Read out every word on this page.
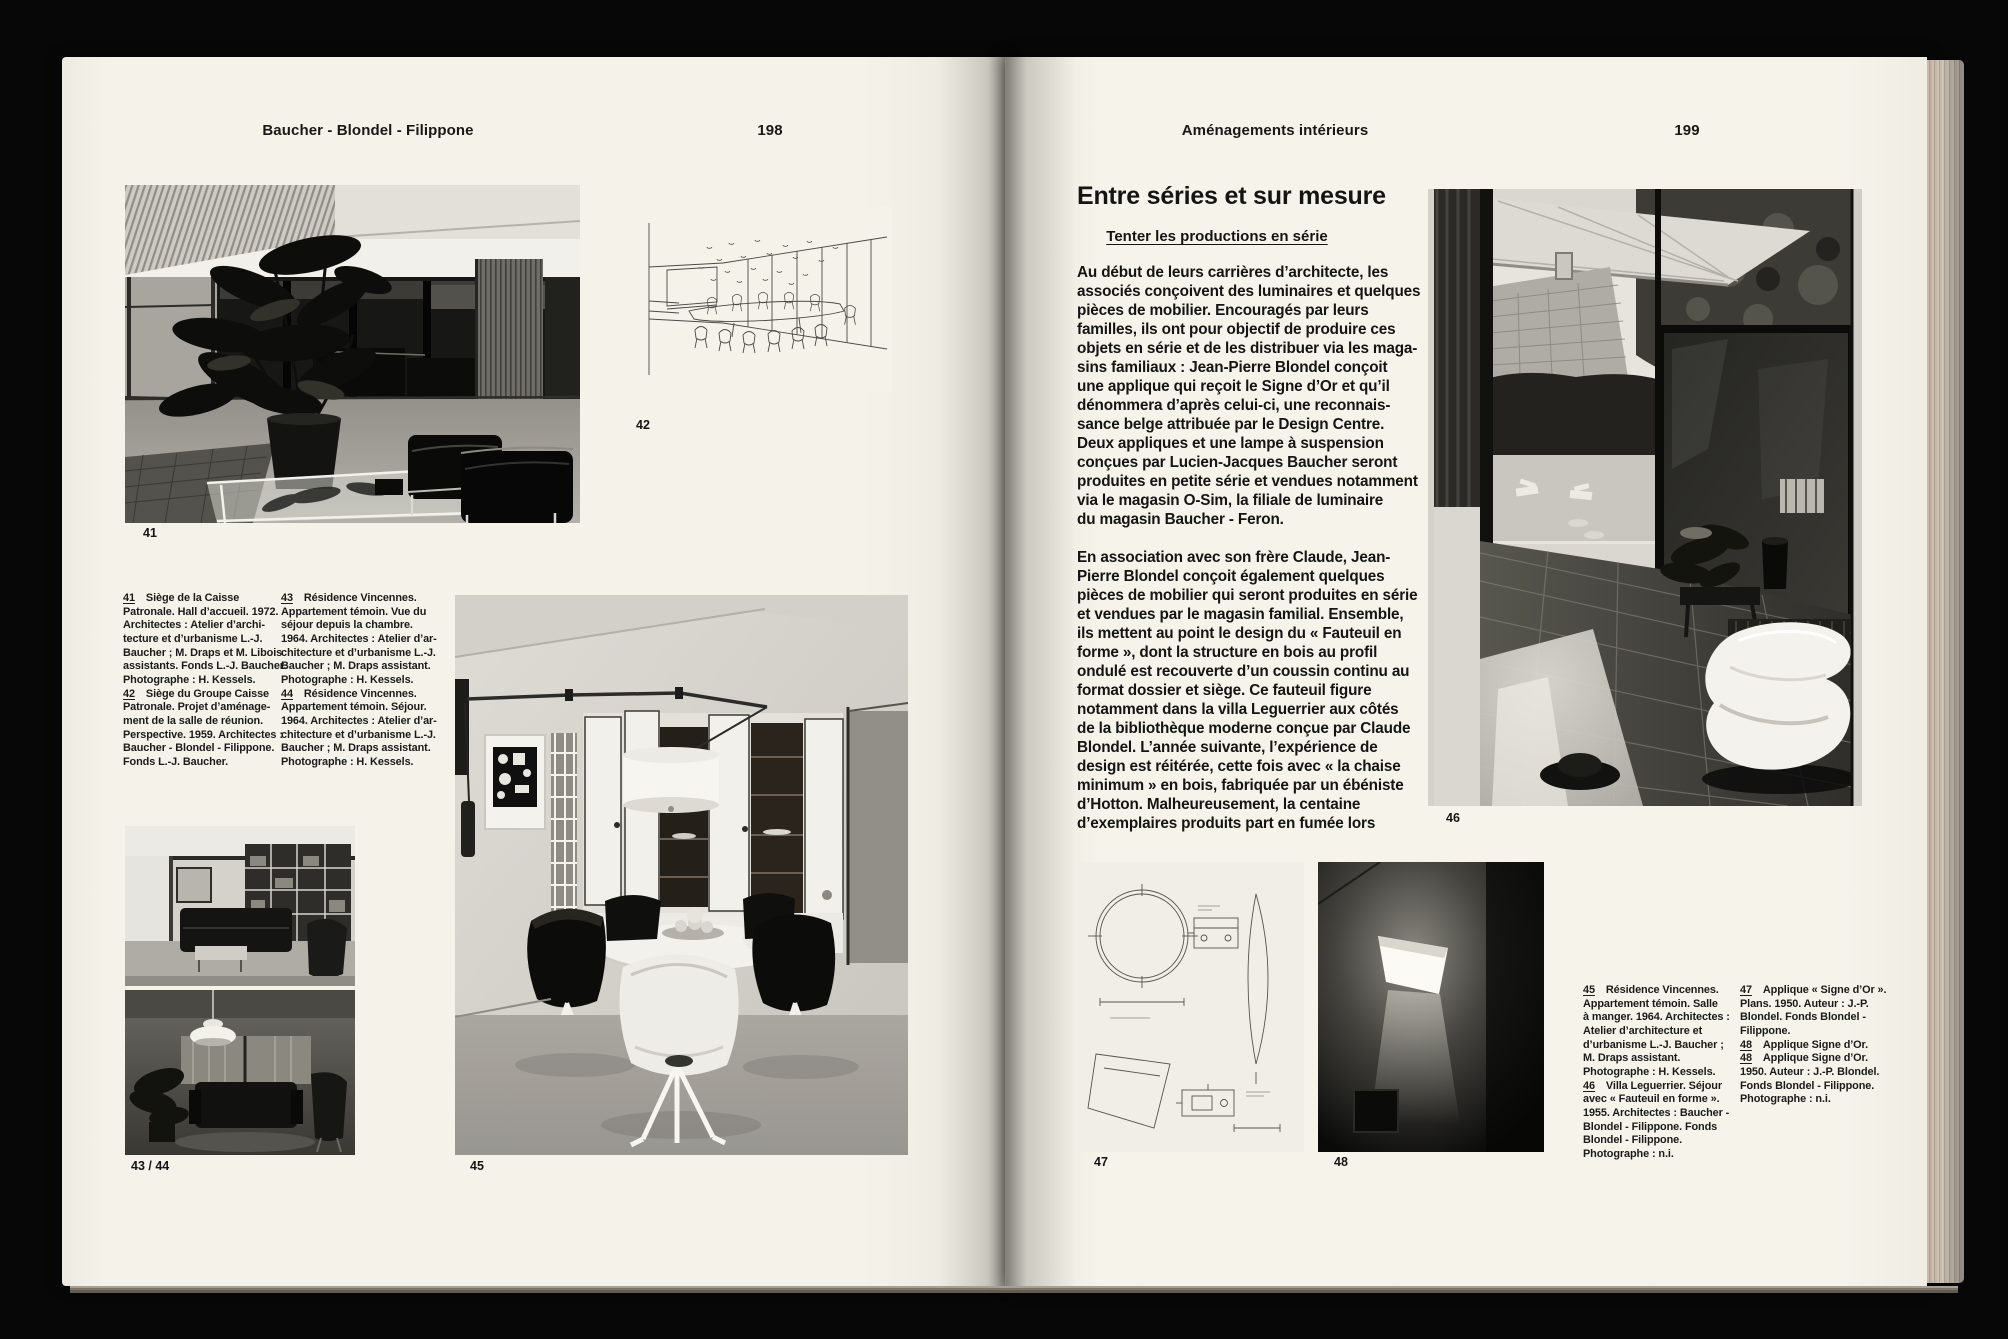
Baucher - Blondel - Filippone	198	Aménagements intérieurs	199
41
42
41 Siège de la Caisse
Patronale. Hall d’accueil. 1972.
Architectes : Atelier d’archi-
tecture et d’urbanisme L.-J.
Baucher ; M. Draps et M. Libois
assistants. Fonds L.-J. Baucher.
Photographe : H. Kessels.
42 Siège du Groupe Caisse
Patronale. Projet d’aménage-
ment de la salle de réunion.
Perspective. 1959. Architectes :
Baucher - Blondel - Filippone.
Fonds L.-J. Baucher.
43 Résidence Vincennes.
Appartement témoin. Vue du
séjour depuis la chambre.
1964. Architectes : Atelier d’ar-
chitecture et d’urbanisme L.-J.
Baucher ; M. Draps assistant.
Photographe : H. Kessels.
44 Résidence Vincennes.
Appartement témoin. Séjour.
1964. Architectes : Atelier d’ar-
chitecture et d’urbanisme L.-J.
Baucher ; M. Draps assistant.
Photographe : H. Kessels.
43 / 44	45
Entre séries et sur mesure
Tenter les productions en série
Au début de leurs carrières d’architecte, les
associés conçoivent des luminaires et quelques
pièces de mobilier. Encouragés par leurs
familles, ils ont pour objectif de produire ces
objets en série et de les distribuer via les maga-
sins familiaux : Jean-Pierre Blondel conçoit
une applique qui reçoit le Signe d’Or et qu’il
dénommera d’après celui-ci, une reconnais-
sance belge attribuée par le Design Centre.
Deux appliques et une lampe à suspension
conçues par Lucien-Jacques Baucher seront
produites en petite série et vendues notamment
via le magasin O-Sim, la filiale de luminaire
du magasin Baucher - Feron.
En association avec son frère Claude, Jean-
Pierre Blondel conçoit également quelques
pièces de mobilier qui seront produites en série
et vendues par le magasin familial. Ensemble,
ils mettent au point le design du « Fauteuil en
forme », dont la structure en bois au profil
ondulé est recouverte d’un coussin continu au
format dossier et siège. Ce fauteuil figure
notamment dans la villa Leguerrier aux côtés
de la bibliothèque moderne conçue par Claude
Blondel. L’année suivante, l’expérience de
design est réitérée, cette fois avec « la chaise
minimum » en bois, fabriquée par un ébéniste
d’Hotton. Malheureusement, la centaine
d’exemplaires produits part en fumée lors	46
47	48
45 Résidence Vincennes.
Appartement témoin. Salle
à manger. 1964. Architectes :
Atelier d’architecture et
d’urbanisme L.-J. Baucher ;
M. Draps assistant.
Photographe : H. Kessels.
46 Villa Leguerrier. Séjour
avec « Fauteuil en forme ».
1955. Architectes : Baucher -
Blondel - Filippone. Fonds
Blondel - Filippone.
Photographe : n.i.
47 Applique « Signe d’Or ».
Plans. 1950. Auteur : J.-P.
Blondel. Fonds Blondel -
Filippone.
48 Applique Signe d’Or.
48 Applique Signe d’Or.
1950. Auteur : J.-P. Blondel.
Fonds Blondel - Filippone.
Photographe : n.i.
